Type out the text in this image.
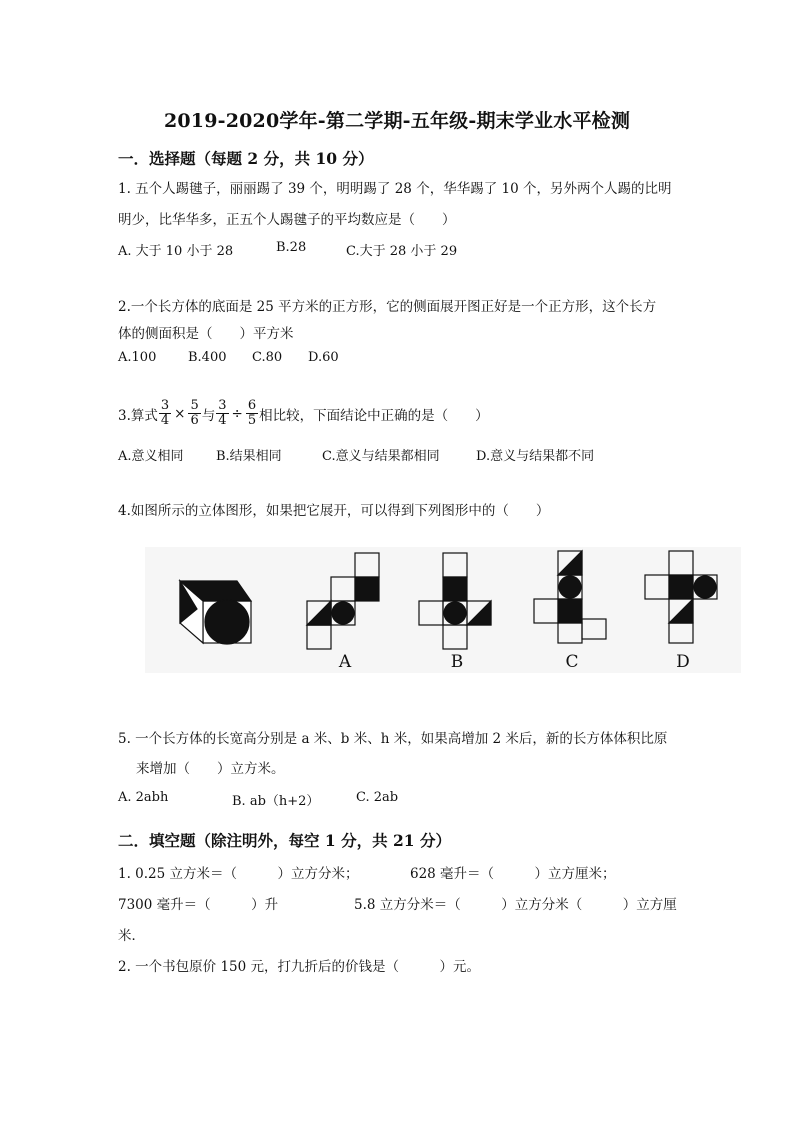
2019-2020学年-第二学期-五年级-期末学业水平检测
一．选择题（每题 2 分，共 10 分）
1. 五个人踢毽子，丽丽踢了 39 个，明明踢了 28 个，华华踢了 10 个，另外两个人踢的比明
明少，比华华多，正五个人踢毽子的平均数应是（　　）
A. 大于 10 小于 28	B.28	C.大于 28 小于 29
2.一个长方体的底面是 25 平方米的正方形，它的侧面展开图正好是一个正方形，这个长方
体的侧面积是（　　）平方米
A.100 B.400 C.80 D.60
3.算式 $\frac{3}{4} \times \frac{5}{6}$ 与 $\frac{3}{4} \div \frac{6}{5}$ 相比较，下面结论中正确的是（　　）
A.意义相同 B.结果相同	C.意义与结果都相同	D.意义与结果都不同
4.如图所示的立体图形，如果把它展开，可以得到下列图形中的（　　）
A	B	C	D
5. 一个长方体的长宽高分别是 a 米、b 米、h 米，如果高增加 2 米后，新的长方体体积比原
来增加（　　）立方米。
A. 2abh	B. ab（h+2）	C. 2ab
二．填空题（除注明外，每空 1 分，共 21 分）
1. 0.25 立方米＝（　　　）立方分米；	628 毫升＝（　　　）立方厘米；
7300 毫升＝（　　　）升	5.8 立方分米＝（　　　）立方分米（　　　）立方厘
米．
2. 一个书包原价 150 元，打九折后的价钱是（　　　）元。
